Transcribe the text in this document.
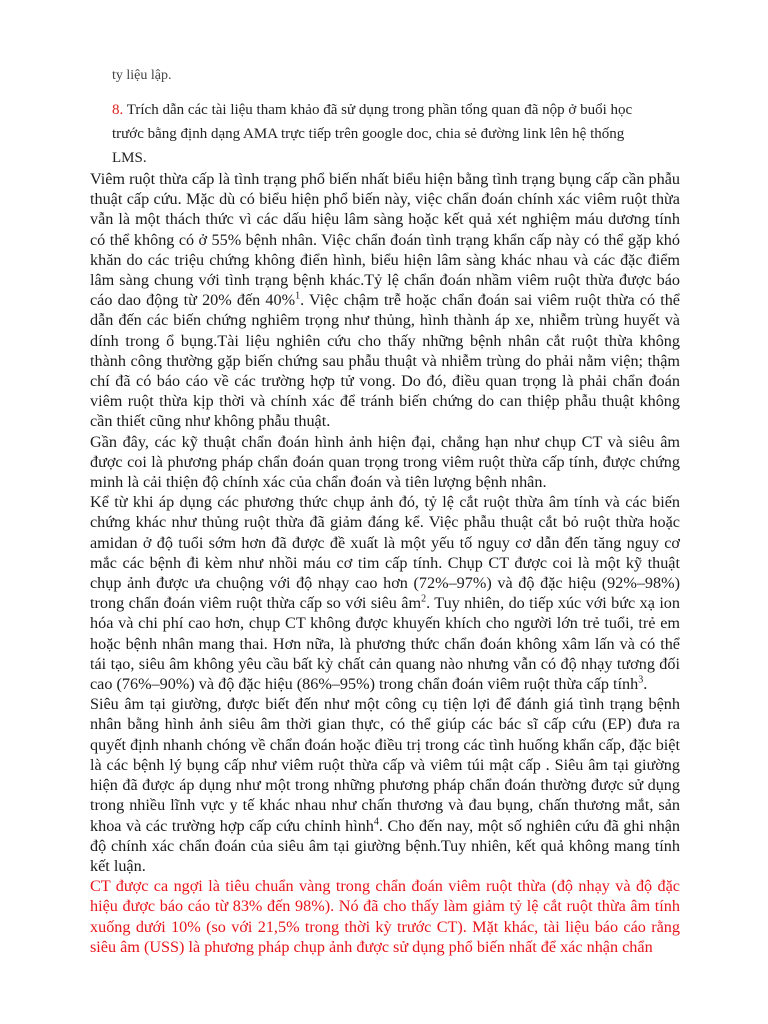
ty liệu lập.
8. Trích dẫn các tài liệu tham khảo đã sử dụng trong phần tổng quan đã nộp ở buổi học
trước bằng định dạng AMA trực tiếp trên google doc, chia sẻ đường link lên hệ thống
LMS.

Viêm ruột thừa cấp là tình trạng phổ biến nhất biểu hiện bằng tình trạng bụng cấp cần phẫu thuật cấp cứu. Mặc dù có biểu hiện phổ biến này, việc chẩn đoán chính xác viêm ruột thừa vẫn là một thách thức vì các dấu hiệu lâm sàng hoặc kết quả xét nghiệm máu dương tính có thể không có ở 55% bệnh nhân. Việc chẩn đoán tình trạng khẩn cấp này có thể gặp khó khăn do các triệu chứng không điển hình, biểu hiện lâm sàng khác nhau và các đặc điểm lâm sàng chung với tình trạng bệnh khác.Tỷ lệ chẩn đoán nhầm viêm ruột thừa được báo cáo dao động từ 20% đến 40%$^1$. Việc chậm trễ hoặc chẩn đoán sai viêm ruột thừa có thể dẫn đến các biến chứng nghiêm trọng như thủng, hình thành áp xe, nhiễm trùng huyết và dính trong ổ bụng.Tài liệu nghiên cứu cho thấy những bệnh nhân cắt ruột thừa không thành công thường gặp biến chứng sau phẫu thuật và nhiễm trùng do phải nằm viện; thậm chí đã có báo cáo về các trường hợp tử vong. Do đó, điều quan trọng là phải chẩn đoán viêm ruột thừa kịp thời và chính xác để tránh biến chứng do can thiệp phẫu thuật không cần thiết cũng như không phẫu thuật.

Gần đây, các kỹ thuật chẩn đoán hình ảnh hiện đại, chẳng hạn như chụp CT và siêu âm được coi là phương pháp chẩn đoán quan trọng trong viêm ruột thừa cấp tính, được chứng minh là cải thiện độ chính xác của chẩn đoán và tiên lượng bệnh nhân.

Kể từ khi áp dụng các phương thức chụp ảnh đó, tỷ lệ cắt ruột thừa âm tính và các biến chứng khác như thủng ruột thừa đã giảm đáng kể. Việc phẫu thuật cắt bỏ ruột thừa hoặc amidan ở độ tuổi sớm hơn đã được đề xuất là một yếu tố nguy cơ dẫn đến tăng nguy cơ mắc các bệnh đi kèm như nhồi máu cơ tim cấp tính. Chụp CT được coi là một kỹ thuật chụp ảnh được ưa chuộng với độ nhạy cao hơn (72%–97%) và độ đặc hiệu (92%–98%) trong chẩn đoán viêm ruột thừa cấp so với siêu $âm^2$. Tuy nhiên, do tiếp xúc với bức xạ ion hóa và chi phí cao hơn, chụp CT không được khuyến khích cho người lớn trẻ tuổi, trẻ em hoặc bệnh nhân mang thai. Hơn nữa, là phương thức chẩn đoán không xâm lấn và có thể tái tạo, siêu âm không yêu cầu bất kỳ chất cản quang nào nhưng vẫn có độ nhạy tương đối cao (76%–90%) và độ đặc hiệu (86%–95%) trong chẩn đoán viêm ruột thừa cấp tính$^3$.

Siêu âm tại giường, được biết đến như một công cụ tiện lợi để đánh giá tình trạng bệnh nhân bằng hình ảnh siêu âm thời gian thực, có thể giúp các bác sĩ cấp cứu (EP) đưa ra quyết định nhanh chóng về chẩn đoán hoặc điều trị trong các tình huống khẩn cấp, đặc biệt là các bệnh lý bụng cấp như viêm ruột thừa cấp và viêm túi mật cấp . Siêu âm tại giường hiện đã được áp dụng như một trong những phương pháp chẩn đoán thường được sử dụng trong nhiều lĩnh vực y tế khác nhau như chấn thương và đau bụng, chấn thương mắt, sản khoa và các trường hợp cấp cứu chỉnh hình$^4$. Cho đến nay, một số nghiên cứu đã ghi nhận độ chính xác chẩn đoán của siêu âm tại giường bệnh.Tuy nhiên, kết quả không mang tính kết luận.

CT được ca ngợi là tiêu chuẩn vàng trong chẩn đoán viêm ruột thừa (độ nhạy và độ đặc hiệu được báo cáo từ 83% đến 98%). Nó đã cho thấy làm giảm tỷ lệ cắt ruột thừa âm tính xuống dưới 10% (so với 21,5% trong thời kỳ trước CT). Mặt khác, tài liệu báo cáo rằng siêu âm (USS) là phương pháp chụp ảnh được sử dụng phổ biến nhất để xác nhận chẩn
